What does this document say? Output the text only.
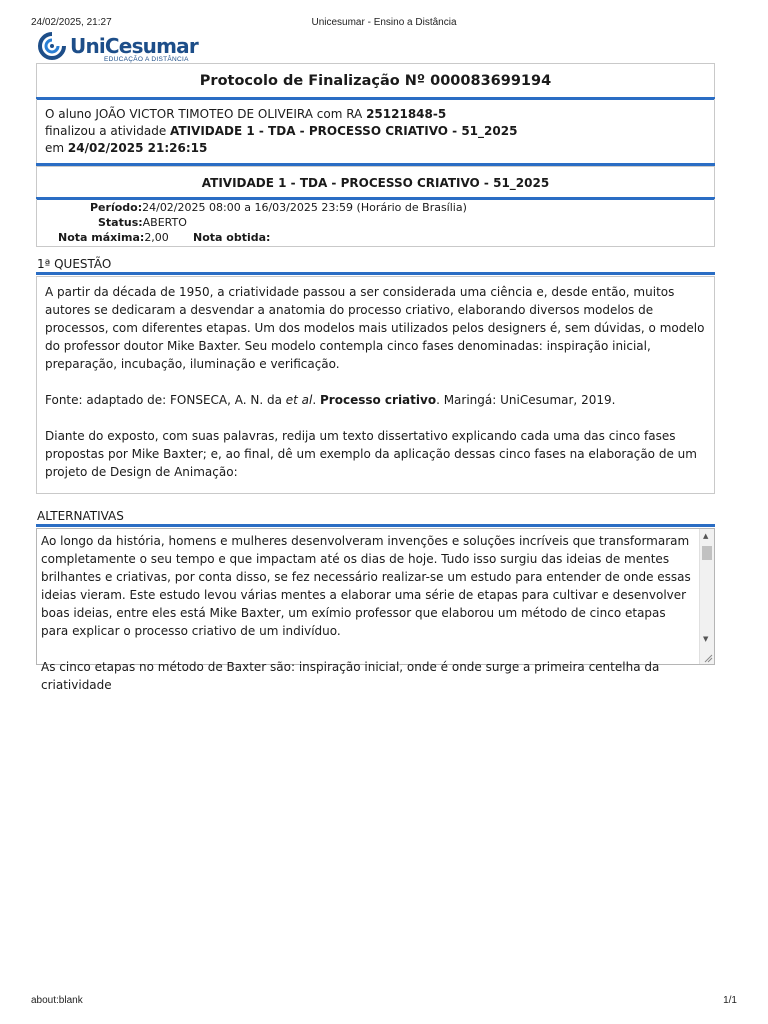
24/02/2025, 21:27	Unicesumar - Ensino a Distância
UniCesumar
EDUCAÇÃO A DISTÂNCIA
Protocolo de Finalização Nº 000083699194
O aluno JOÃO VICTOR TIMOTEO DE OLIVEIRA com RA 25121848-5
finalizou a atividade ATIVIDADE 1 - TDA - PROCESSO CRIATIVO - 51_2025
em 24/02/2025 21:26:15
ATIVIDADE 1 - TDA - PROCESSO CRIATIVO - 51_2025
Período:24/02/2025 08:00 a 16/03/2025 23:59 (Horário de Brasília)
Status:ABERTO
Nota máxima:2,00 Nota obtida:
1ª QUESTÃO

A partir da década de 1950, a criatividade passou a ser considerada uma ciência e, desde então, muitos autores se dedicaram a desvendar a anatomia do processo criativo, elaborando diversos modelos de processos, com diferentes etapas. Um dos modelos mais utilizados pelos designers é, sem dúvidas, o modelo do professor doutor Mike Baxter. Seu modelo contempla cinco fases denominadas: inspiração inicial, preparação, incubação, iluminação e verificação.

Fonte: adaptado de: FONSECA, A. N. da et al. Processo criativo. Maringá: UniCesumar, 2019.

Diante do exposto, com suas palavras, redija um texto dissertativo explicando cada uma das cinco fases propostas por Mike Baxter; e, ao final, dê um exemplo da aplicação dessas cinco fases na elaboração de um projeto de Design de Animação:

ALTERNATIVAS

Ao longo da história, homens e mulheres desenvolveram invenções e soluções incríveis que transformaram completamente o seu tempo e que impactam até os dias de hoje. Tudo isso surgiu das ideias de mentes brilhantes e criativas, por conta disso, se fez necessário realizar-se um estudo para entender de onde essas ideias vieram. Este estudo levou várias mentes a elaborar uma série de etapas para cultivar e desenvolver boas ideias, entre eles está Mike Baxter, um exímio professor que elaborou um método de cinco etapas para explicar o processo criativo de um indivíduo.

As cinco etapas no método de Baxter são: inspiração inicial, onde é onde surge a primeira centelha da criatividade

▲
▼
about:blank	1/1
